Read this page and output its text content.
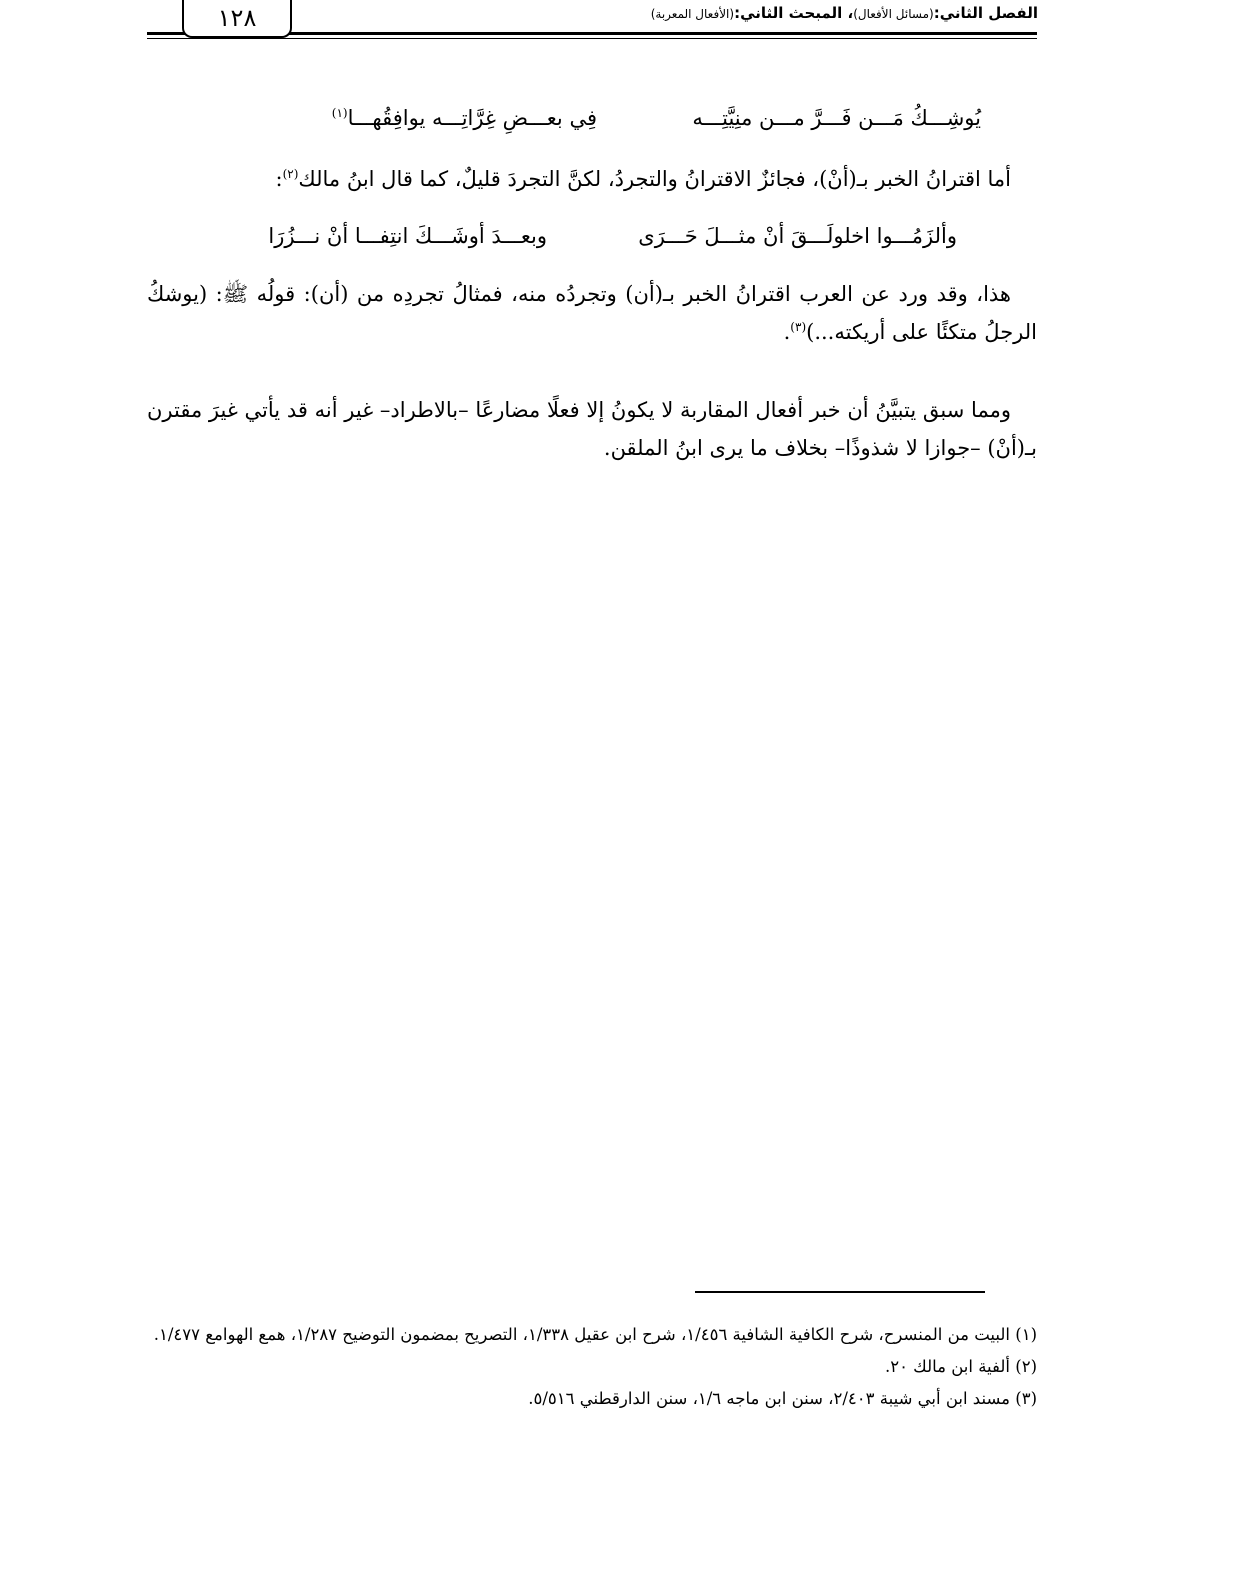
الفصل الثاني:(مسائل الأفعال)، المبحث الثاني:(الأفعال المعربة)
١٢٨
يُوشِـــكُ مَـــن فَـــرَّ مـــن منِيَّتِـــه
فِي بعـــضِ غِرَّاتِـــه يوافِقُهـــا$^{(١)}$

أما اقترانُ الخبر بـ(أنْ)، فجائزٌ الاقترانُ والتجردُ، لكنَّ التجردَ قليلٌ، كما قال ابنُ مالك$^{(٢)}$:

وألزَمُـــوا اخلولَـــقَ أنْ مثـــلَ حَـــرَى
وبعـــدَ أوشَـــكَ انتِفـــا أنْ نـــزُرَا

هذا، وقد ورد عن العرب اقترانُ الخبر بـ(أن) وتجردُه منه، فمثالُ تجردِه من (أن): قولُه ﷺ: (يوشكُ الرجلُ متكئًا على أريكته...)$^{(٣)}$.

ومما سبق يتبيَّنُ أن خبر أفعال المقاربة لا يكونُ إلا فعلًا مضارعًا –بالاطراد– غير أنه قد يأتي غيرَ مقترن بـ(أنْ) –جوازا لا شذوذًا– بخلاف ما يرى ابنُ الملقن.

(١) البيت من المنسرح، شرح الكافية الشافية ١/٤٥٦، شرح ابن عقيل ١/٣٣٨، التصريح بمضمون التوضيح ١/٢٨٧، همع الهوامع ١/٤٧٧.

(٢) ألفية ابن مالك ٢٠.

(٣) مسند ابن أبي شيبة ٢/٤٠٣، سنن ابن ماجه ١/٦، سنن الدارقطني ٥/٥١٦.
